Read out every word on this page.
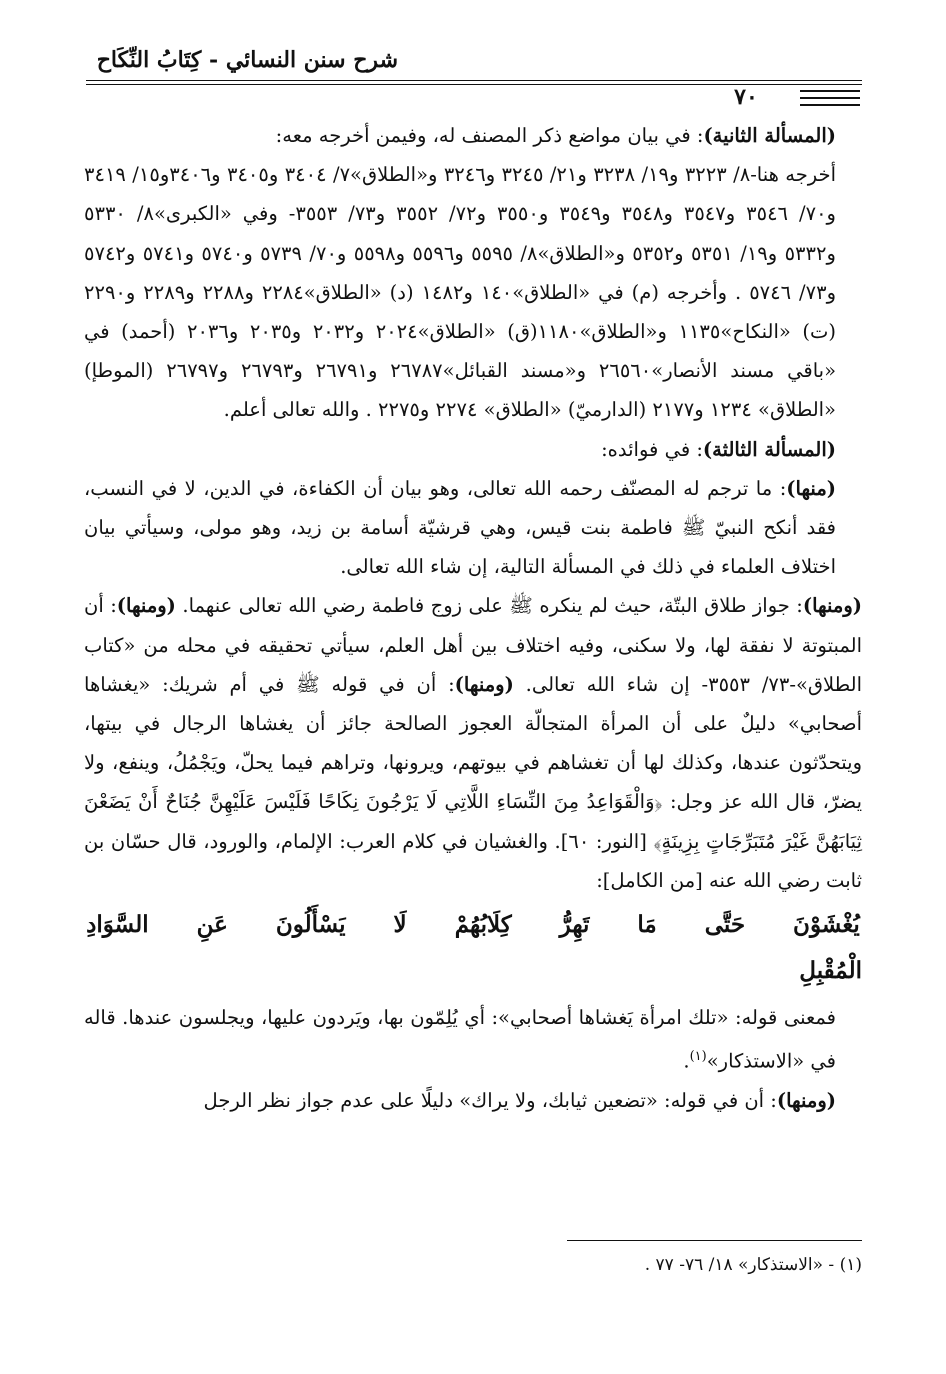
شرح سنن النسائي - كِتَابُ النِّكَاح
٧٠

(المسألة الثانية): في بيان مواضع ذكر المصنف له، وفيمن أخرجه معه:

أخرجه هنا-٨/ ٣٢٢٣ و١٩/ ٣٢٣٨ و٢١/ ٣٢٤٥ و٣٢٤٦ و«الطلاق»٧/ ٣٤٠٤ و٣٤٠٥ و٣٤٠٦و١٥/ ٣٤١٩ و٧٠/ ٣٥٤٦ و٣٥٤٧ و٣٥٤٨ و٣٥٤٩ و٣٥٥٠ و٧٢/ ٣٥٥٢ و٧٣/ ٣٥٥٣- وفي «الكبرى»٨/ ٥٣٣٠ و٥٣٣٢ و١٩/ ٥٣٥١ و٥٣٥٢ و«الطلاق»٨/ ٥٥٩٥ و٥٥٩٦ و٥٥٩٨ و٧٠/ ٥٧٣٩ و٥٧٤٠ و٥٧٤١ و٥٧٤٢ و٧٣/ ٥٧٤٦ . وأخرجه (م) في «الطلاق»١٤٠ و١٤٨٢ (د) «الطلاق»٢٢٨٤ و٢٢٨٨ و٢٢٨٩ و٢٢٩٠ (ت) «النكاح»١١٣٥ و«الطلاق»١١٨٠(ق) «الطلاق»٢٠٢٤ و٢٠٣٢ و٢٠٣٥ و٢٠٣٦ (أحمد) في «باقي مسند الأنصار»٢٦٥٦٠ و«مسند القبائل»٢٦٧٨٧ و٢٦٧٩١ و٢٦٧٩٣ و٢٦٧٩٧ (الموطإ) «الطلاق» ١٢٣٤ و٢١٧٧ (الدارميّ) «الطلاق» ٢٢٧٤ و٢٢٧٥ . والله تعالى أعلم.

(المسألة الثالثة): في فوائده:

(منها): ما ترجم له المصنّف رحمه الله تعالى، وهو بيان أن الكفاءة، في الدين، لا في النسب، فقد أنكح النبيّ ﷺ فاطمة بنت قيس، وهي قرشيّة أسامة بن زيد، وهو مولى، وسيأتي بيان اختلاف العلماء في ذلك في المسألة التالية، إن شاء الله تعالى.

(ومنها): جواز طلاق البتّة، حيث لم ينكره ﷺ على زوج فاطمة رضي الله تعالى عنهما. (ومنها): أن المبتوتة لا نفقة لها، ولا سكنى، وفيه اختلاف بين أهل العلم، سيأتي تحقيقه في محله من «كتاب الطلاق»-٧٣/ ٣٥٥٣- إن شاء الله تعالى. (ومنها): أن في قوله ﷺ في أم شريك: «يغشاها أصحابي» دليلٌ على أن المرأة المتجالّة العجوز الصالحة جائز أن يغشاها الرجال في بيتها، ويتحدّثون عندها، وكذلك لها أن تغشاهم في بيوتهم، ويرونها، وتراهم فيما يحلّ، ويَجْمُلُ، وينفع، ولا يضرّ، قال الله عز وجل: ﴿وَالْقَوَاعِدُ مِنَ النِّسَاءِ اللَّاتِي لَا يَرْجُونَ نِكَاحًا فَلَيْسَ عَلَيْهِنَّ جُنَاحٌ أَنْ يَضَعْنَ ثِيَابَهُنَّ غَيْرَ مُتَبَرِّجَاتٍ بِزِينَةٍ﴾ [النور: ٦٠]. والغشيان في كلام العرب: الإلمام، والورود، قال حسّان بن ثابت رضي الله عنه [من الكامل]:

يُغْشَوْنَ حَتَّى مَا تَهِرُّ كِلَابُهُمْ لَا يَسْأَلُونَ عَنِ السَّوَادِ الْمُقْبِلِ

فمعنى قوله: «تلك امرأة يَغشاها أصحابي»: أي يُلِمّون بها، ويَردون عليها، ويجلسون عندها. قاله في «الاستذكار»$^{(١)}$.

(ومنها): أن في قوله: «تضعين ثيابك، ولا يراك» دليلًا على عدم جواز نظر الرجل

(١) - «الاستذكار» ١٨/ ٧٦- ٧٧ .
